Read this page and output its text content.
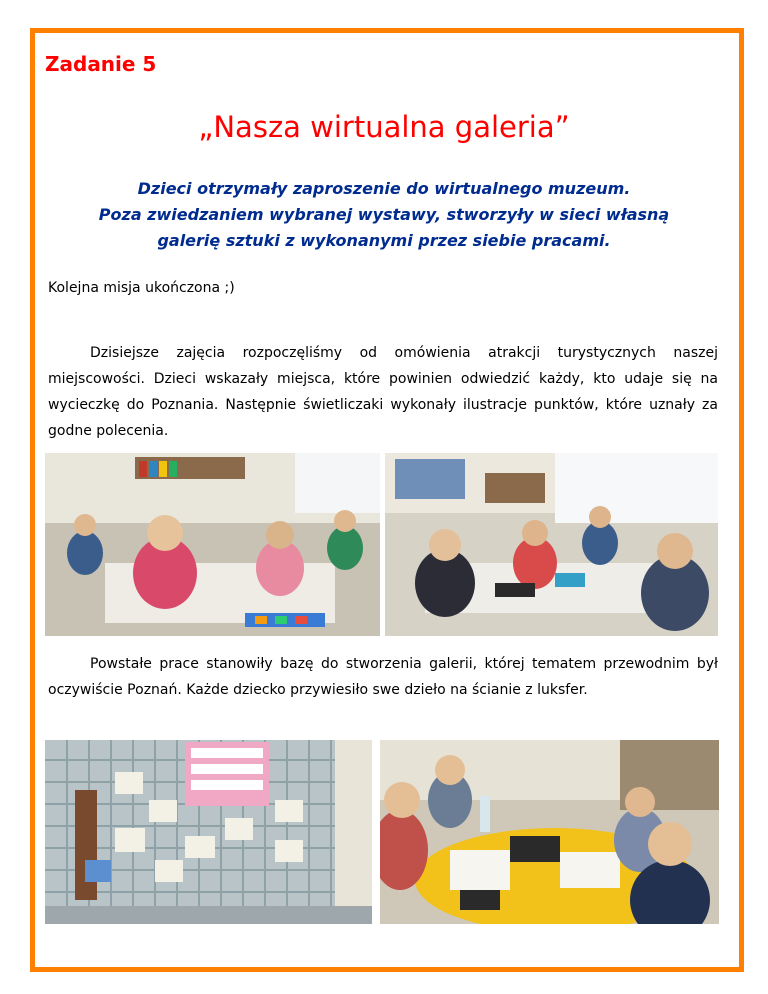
Zadanie 5
„Nasza wirtualna galeria”

Dzieci otrzymały zaproszenie do wirtualnego muzeum.
Poza zwiedzaniem wybranej wystawy, stworzyły w sieci własną
galerię sztuki z wykonanymi przez siebie pracami.

Kolejna misja ukończona ;)

Dzisiejsze zajęcia rozpoczęliśmy od omówienia atrakcji turystycznych naszej miejscowości. Dzieci wskazały miejsca, które powinien odwiedzić każdy, kto udaje się na wycieczkę do Poznania. Następnie świetliczaki wykonały ilustracje punktów, które uznały za godne polecenia.

Powstałe prace stanowiły bazę do stworzenia galerii, której tematem przewodnim był oczywiście Poznań. Każde dziecko przywiesiło swe dzieło na ścianie z luksfer.
